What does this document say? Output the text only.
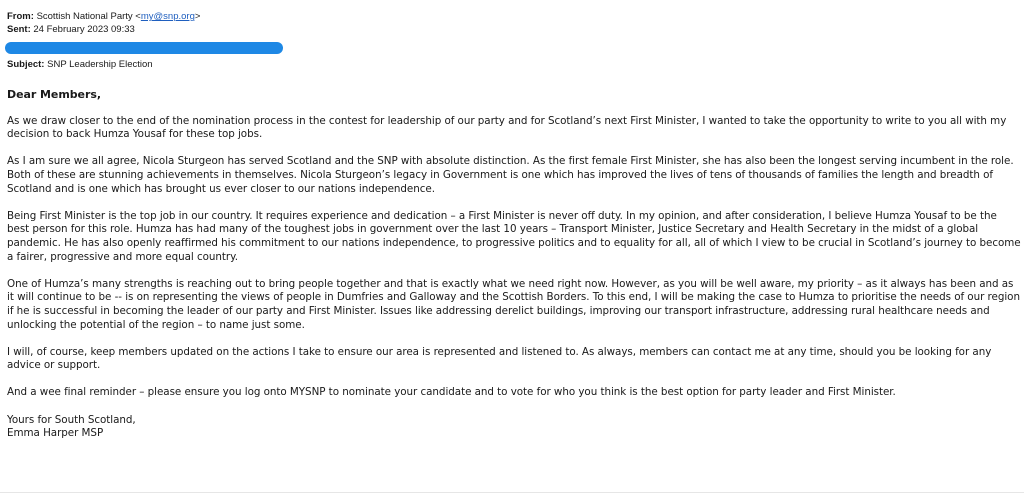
From: Scottish National Party <my@snp.org>
Sent: 24 February 2023 09:33
Subject: SNP Leadership Election

Dear Members,

As we draw closer to the end of the nomination process in the contest for leadership of our party and for Scotland’s next First Minister, I wanted to take the opportunity to write to you all with my decision to back Humza Yousaf for these top jobs.

As I am sure we all agree, Nicola Sturgeon has served Scotland and the SNP with absolute distinction. As the first female First Minister, she has also been the longest serving incumbent in the role. Both of these are stunning achievements in themselves. Nicola Sturgeon’s legacy in Government is one which has improved the lives of tens of thousands of families the length and breadth of Scotland and is one which has brought us ever closer to our nations independence.

Being First Minister is the top job in our country. It requires experience and dedication – a First Minister is never off duty. In my opinion, and after consideration, I believe Humza Yousaf to be the best person for this role. Humza has had many of the toughest jobs in government over the last 10 years – Transport Minister, Justice Secretary and Health Secretary in the midst of a global pandemic. He has also openly reaffirmed his commitment to our nations independence, to progressive politics and to equality for all, all of which I view to be crucial in Scotland’s journey to become a fairer, progressive and more equal country.

One of Humza’s many strengths is reaching out to bring people together and that is exactly what we need right now. However, as you will be well aware, my priority – as it always has been and as it will continue to be -- is on representing the views of people in Dumfries and Galloway and the Scottish Borders. To this end, I will be making the case to Humza to prioritise the needs of our region if he is successful in becoming the leader of our party and First Minister. Issues like addressing derelict buildings, improving our transport infrastructure, addressing rural healthcare needs and unlocking the potential of the region – to name just some.

I will, of course, keep members updated on the actions I take to ensure our area is represented and listened to. As always, members can contact me at any time, should you be looking for any advice or support.

And a wee final reminder – please ensure you log onto MYSNP to nominate your candidate and to vote for who you think is the best option for party leader and First Minister.

Yours for South Scotland,

Emma Harper MSP
